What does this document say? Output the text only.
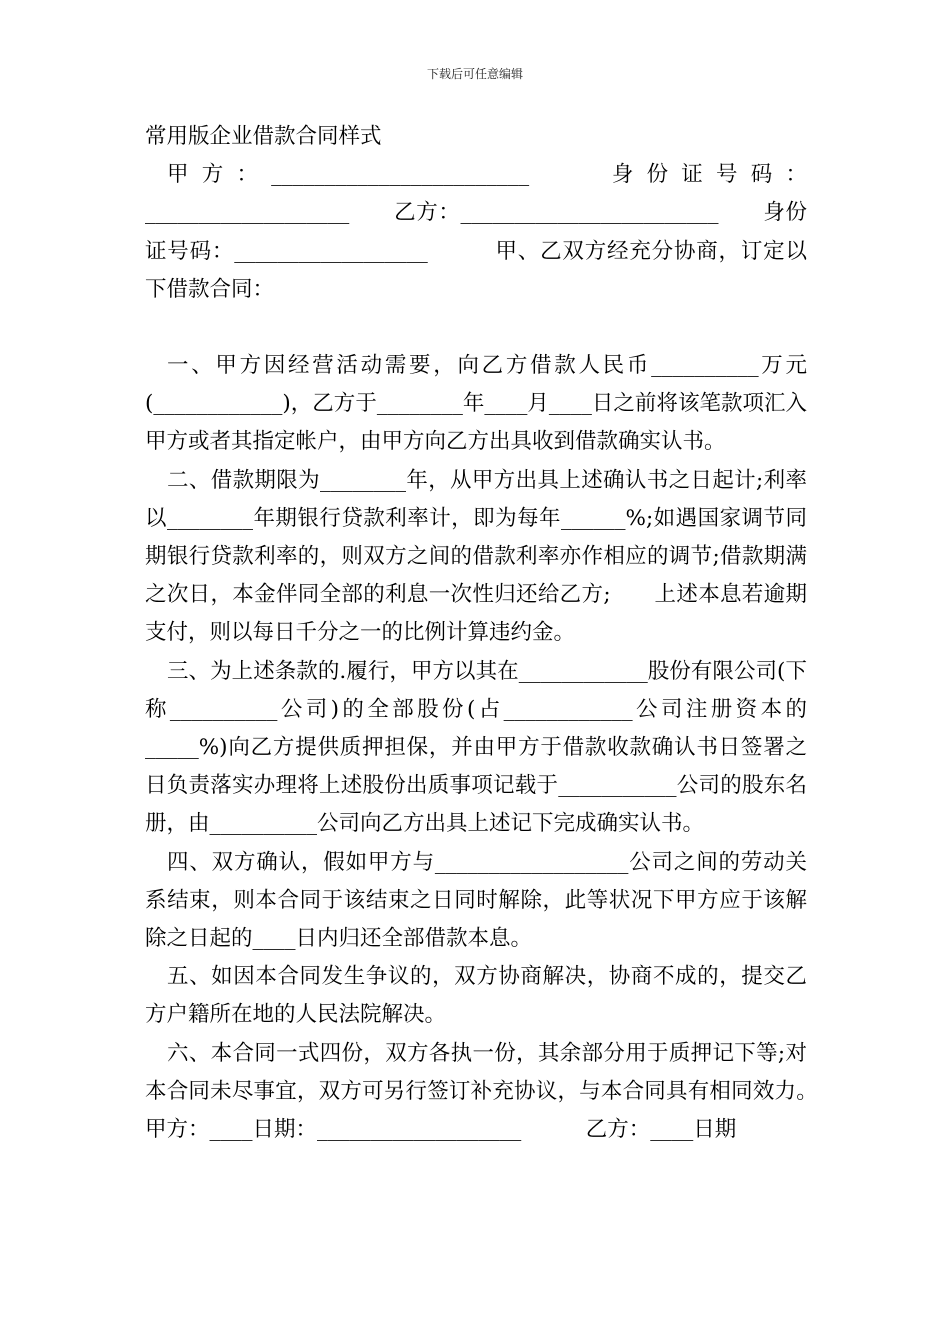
下载后可任意编辑

常用版企业借款合同样式

甲方：________________________　　身份证号码：___________________　　乙方：________________________　　身份证号码：__________________　　　甲、乙双方经充分协商，订定以下借款合同：

一、甲方因经营活动需要，向乙方借款人民币__________万元(____________)，乙方于________年____月____日之前将该笔款项汇入甲方或者其指定帐户，由甲方向乙方出具收到借款确实认书。

二、借款期限为________年，从甲方出具上述确认书之日起计;利率以________年期银行贷款利率计，即为每年______%;如遇国家调节同期银行贷款利率的，则双方之间的借款利率亦作相应的调节;借款期满之次日，本金伴同全部的利息一次性归还给乙方;　　上述本息若逾期支付，则以每日千分之一的比例计算违约金。

三、为上述条款的.履行，甲方以其在____________股份有限公司(下称__________公司)的全部股份(占____________公司注册资本的 _____%)向乙方提供质押担保，并由甲方于借款收款确认书日签署之日负责落实办理将上述股份出质事项记载于___________公司的股东名册，由__________公司向乙方出具上述记下完成确实认书。

四、双方确认，假如甲方与__________________公司之间的劳动关系结束，则本合同于该结束之日同时解除，此等状况下甲方应于该解除之日起的____日内归还全部借款本息。

五、如因本合同发生争议的，双方协商解决，协商不成的，提交乙方户籍所在地的人民法院解决。

六、本合同一式四份，双方各执一份，其余部分用于质押记下等;对本合同未尽事宜，双方可另行签订补充协议，与本合同具有相同效力。　　甲方：____日期：___________________　　　乙方：____日期
